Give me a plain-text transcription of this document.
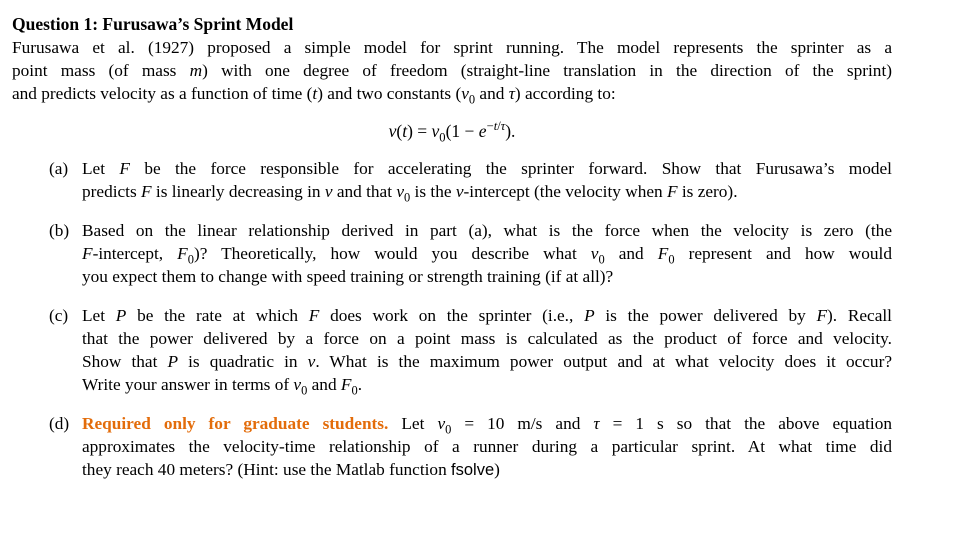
Question 1: Furusawa’s Sprint Model

Furusawa et al. (1927) proposed a simple model for sprint running. The model represents the sprinter as a
point mass (of mass m) with one degree of freedom (straight-line translation in the direction of the sprint)
and predicts velocity as a function of time (t) and two constants ($v_0$ and τ) according to:

$v(t) = v_0(1 - e^{-t/\tau})$.
(a) Let F be the force responsible for accelerating the sprinter forward. Show that Furusawa’s model
predicts F is linearly decreasing in v and that $v_0$ is the v-intercept (the velocity when F is zero).
(b) Based on the linear relationship derived in part (a), what is the force when the velocity is zero (the
F-intercept, $F_0$)? Theoretically, how would you describe what $v_0$ and $F_0$ represent and how would
you expect them to change with speed training or strength training (if at all)?
(c) Let P be the rate at which F does work on the sprinter (i.e., P is the power delivered by F). Recall
that the power delivered by a force on a point mass is calculated as the product of force and velocity.
Show that P is quadratic in v. What is the maximum power output and at what velocity does it occur?
Write your answer in terms of $v_0$ and $F_0$.
(d) Required only for graduate students. Let $v_0 = 10$ m/s and τ = 1 s so that the above equation
approximates the velocity-time relationship of a runner during a particular sprint. At what time did
they reach 40 meters? (Hint: use the Matlab function fsolve)
